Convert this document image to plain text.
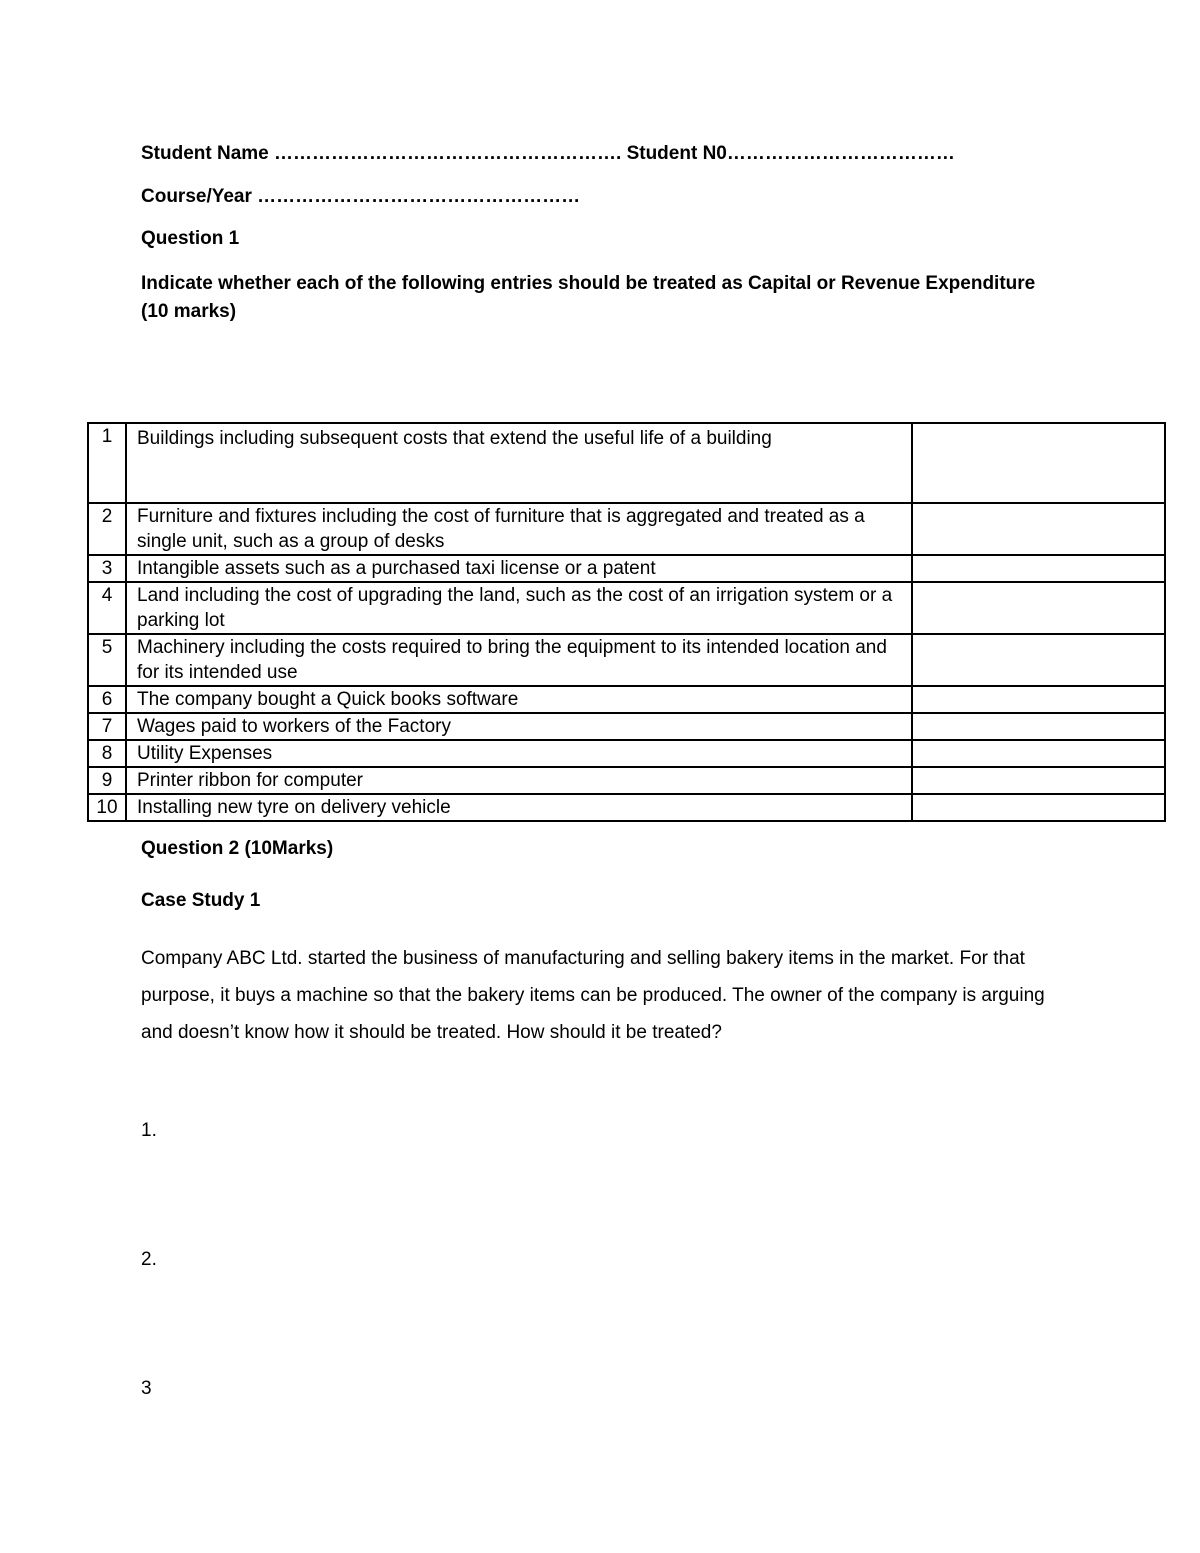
Student Name ………………………………………………. Student N0………………………………
Course/Year ……………………………………………
Question 1
Indicate whether each of the following entries should be treated as Capital or Revenue Expenditure (10 marks)
1	Buildings including subsequent costs that extend the useful life of a building	
2	Furniture and fixtures including the cost of furniture that is aggregated and treated as a single unit, such as a group of desks	
3	Intangible assets such as a purchased taxi license or a patent	
4	Land including the cost of upgrading the land, such as the cost of an irrigation system or a parking lot	
5	Machinery including the costs required to bring the equipment to its intended location and for its intended use	
6	The company bought a Quick books software	
7	Wages paid to workers of the Factory	
8	Utility Expenses	
9	Printer ribbon for computer	
10	Installing new tyre on delivery vehicle	
Question 2 (10Marks)
Case Study 1
Company ABC Ltd. started the business of manufacturing and selling bakery items in the market. For that purpose, it buys a machine so that the bakery items can be produced. The owner of the company is arguing and doesn’t know how it should be treated. How should it be treated?
1.
2.
3
